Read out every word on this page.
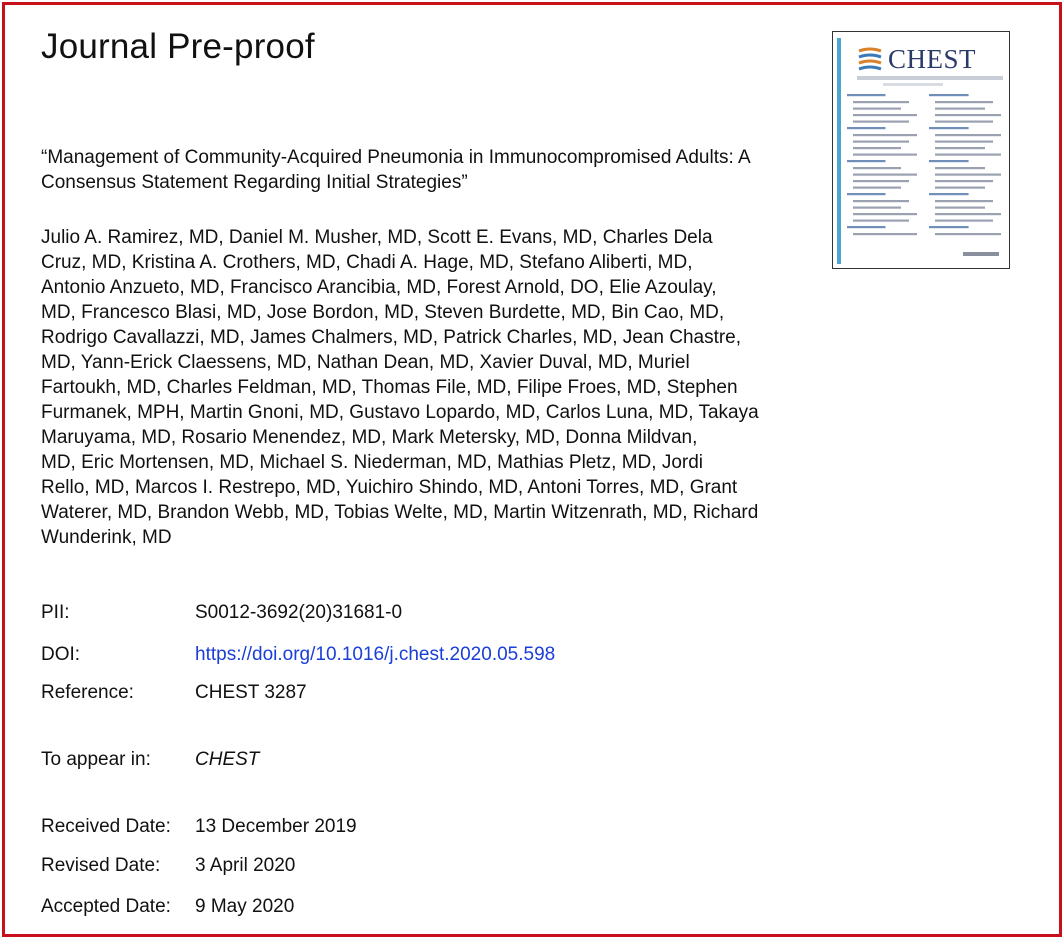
Journal Pre-proof	CHEST
“Management of Community-Acquired Pneumonia in Immunocompromised Adults: A
Consensus Statement Regarding Initial Strategies”
Julio A. Ramirez, MD, Daniel M. Musher, MD, Scott E. Evans, MD, Charles Dela
Cruz, MD, Kristina A. Crothers, MD, Chadi A. Hage, MD, Stefano Aliberti, MD,
Antonio Anzueto, MD, Francisco Arancibia, MD, Forest Arnold, DO, Elie Azoulay,
MD, Francesco Blasi, MD, Jose Bordon, MD, Steven Burdette, MD, Bin Cao, MD,
Rodrigo Cavallazzi, MD, James Chalmers, MD, Patrick Charles, MD, Jean Chastre,
MD, Yann-Erick Claessens, MD, Nathan Dean, MD, Xavier Duval, MD, Muriel
Fartoukh, MD, Charles Feldman, MD, Thomas File, MD, Filipe Froes, MD, Stephen
Furmanek, MPH, Martin Gnoni, MD, Gustavo Lopardo, MD, Carlos Luna, MD, Takaya
Maruyama, MD, Rosario Menendez, MD, Mark Metersky, MD, Donna Mildvan,
MD, Eric Mortensen, MD, Michael S. Niederman, MD, Mathias Pletz, MD, Jordi
Rello, MD, Marcos I. Restrepo, MD, Yuichiro Shindo, MD, Antoni Torres, MD, Grant
Waterer, MD, Brandon Webb, MD, Tobias Welte, MD, Martin Witzenrath, MD, Richard
Wunderink, MD
PII:	S0012-3692(20)31681-0
DOI:	https://doi.org/10.1016/j.chest.2020.05.598
Reference:	CHEST 3287
To appear in: CHEST
Received Date: 13 December 2019
Revised Date: 3 April 2020
Accepted Date: 9 May 2020
